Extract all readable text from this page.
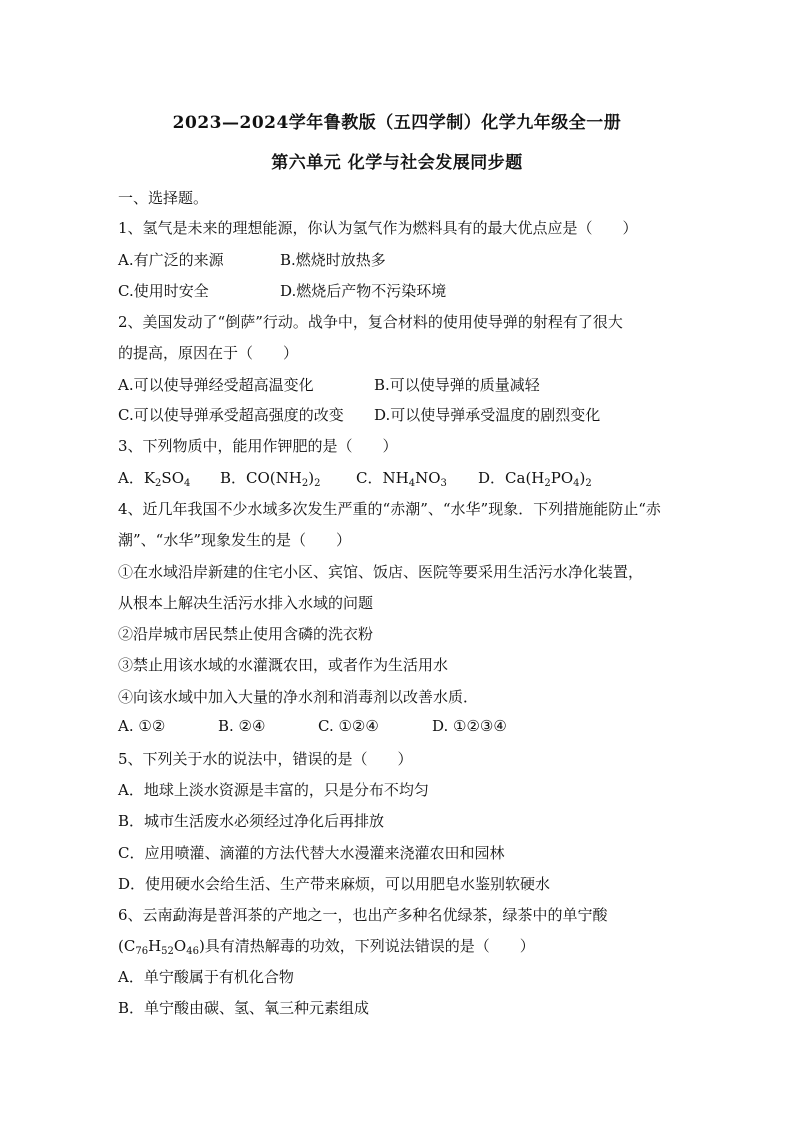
2023—2024学年鲁教版（五四学制）化学九年级全一册
第六单元 化学与社会发展同步题
一、选择题。
1、氢气是未来的理想能源，你认为氢气作为燃料具有的最大优点应是（　　）
A.有广泛的来源	B.燃烧时放热多
C.使用时安全	D.燃烧后产物不污染环境
2、美国发动了“倒萨”行动。战争中，复合材料的使用使导弹的射程有了很大
的提高，原因在于（　　）
A.可以使导弹经受超高温变化	B.可以使导弹的质量减轻
C.可以使导弹承受超高强度的改变 D.可以使导弹承受温度的剧烈变化
3、下列物质中，能用作钾肥的是（　　）
A．$K_2SO_4$ B．$CO(NH_2)_2$ C．$NH_4NO_3$ D．$Ca(H_2PO_4)_2$
4、近几年我国不少水域多次发生严重的“赤潮”、“水华”现象．下列措施能防止“赤
潮”、“水华”现象发生的是（　　）
①在水域沿岸新建的住宅小区、宾馆、饭店、医院等要采用生活污水净化装置，
从根本上解决生活污水排入水域的问题
②沿岸城市居民禁止使用含磷的洗衣粉
③禁止用该水域的水灌溉农田，或者作为生活用水
④向该水域中加入大量的净水剂和消毒剂以改善水质．
A. ①②	B. ②④	C. ①②④	D. ①②③④
5、下列关于水的说法中，错误的是（　　）
A．地球上淡水资源是丰富的，只是分布不均匀
B．城市生活废水必须经过净化后再排放
C．应用喷灌、滴灌的方法代替大水漫灌来浇灌农田和园林
D．使用硬水会给生活、生产带来麻烦，可以用肥皂水鉴别软硬水
6、云南勐海是普洱茶的产地之一，也出产多种名优绿茶，绿茶中的单宁酸
$(C_{76}H_{52}O_{46})$具有清热解毒的功效，下列说法错误的是（　　）
A．单宁酸属于有机化合物
B．单宁酸由碳、氢、氧三种元素组成
